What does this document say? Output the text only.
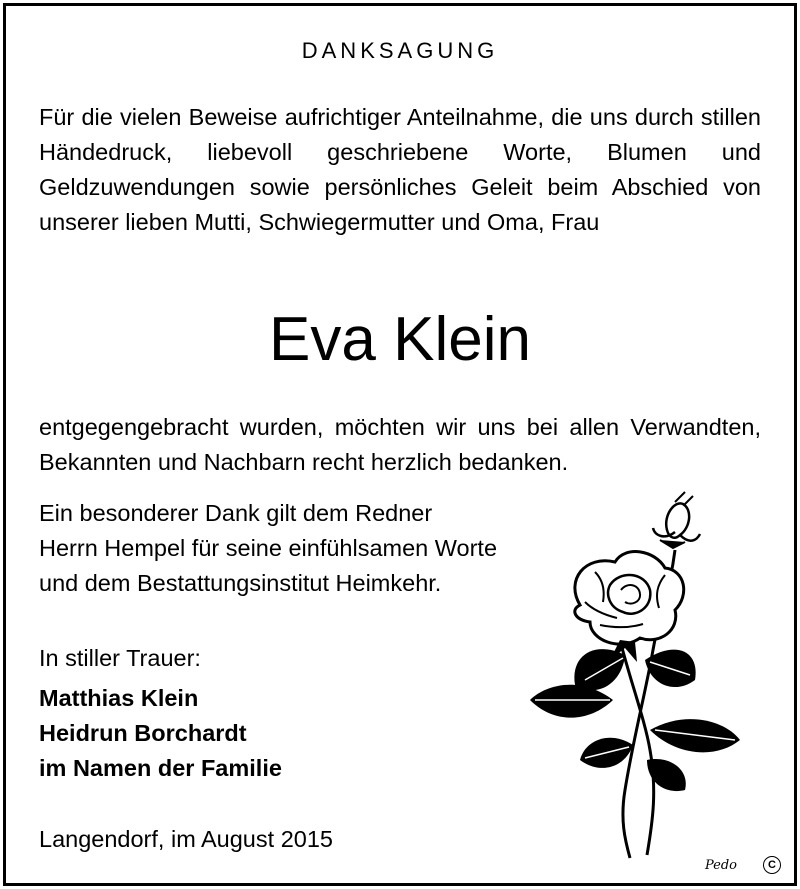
DANKSAGUNG
Für die vielen Beweise aufrichtiger Anteilnahme, die uns durch stillen Händedruck, liebevoll geschriebene Worte, Blumen und Geldzuwendungen sowie persönliches Geleit beim Abschied von unserer lieben Mutti, Schwiegermutter und Oma, Frau
Eva Klein
entgegengebracht wurden, möchten wir uns bei allen Verwandten, Bekannten und Nachbarn recht herzlich bedanken.
Ein besonderer Dank gilt dem Redner
Herrn Hempel für seine einfühlsamen Worte
und dem Bestattungsinstitut Heimkehr.
In stiller Trauer:
Matthias Klein
Heidrun Borchardt
im Namen der Familie
Langendorf, im August 2015
Pedo	C
